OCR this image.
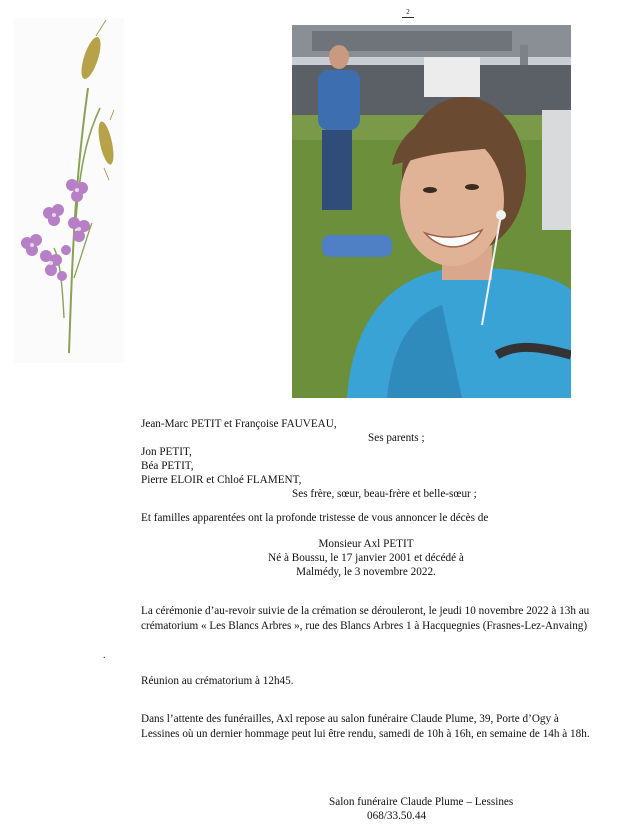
2
Jean-Marc PETIT et Françoise FAUVEAU,
Ses parents ;
Jon PETIT,
Béa PETIT,
Pierre ELOIR et Chloé FLAMENT,
Ses frère, sœur, beau-frère et belle-sœur ;
Et familles apparentées ont la profonde tristesse de vous annoncer le décès de
Monsieur Axl PETIT
Né à Boussu, le 17 janvier 2001 et décédé à
Malmédy, le 3 novembre 2022.
La cérémonie d’au-revoir suivie de la crémation se dérouleront, le jeudi 10 novembre 2022 à 13h au crématorium « Les Blancs Arbres », rue des Blancs Arbres 1 à Hacquegnies (Frasnes-Lez-Anvaing)
.
Réunion au crématorium à 12h45.
Dans l’attente des funérailles, Axl repose au salon funéraire Claude Plume, 39, Porte d’Ogy à Lessines où un dernier hommage peut lui être rendu, samedi de 10h à 16h, en semaine de 14h à 18h.
Salon funéraire Claude Plume – Lessines
068/33.50.44
